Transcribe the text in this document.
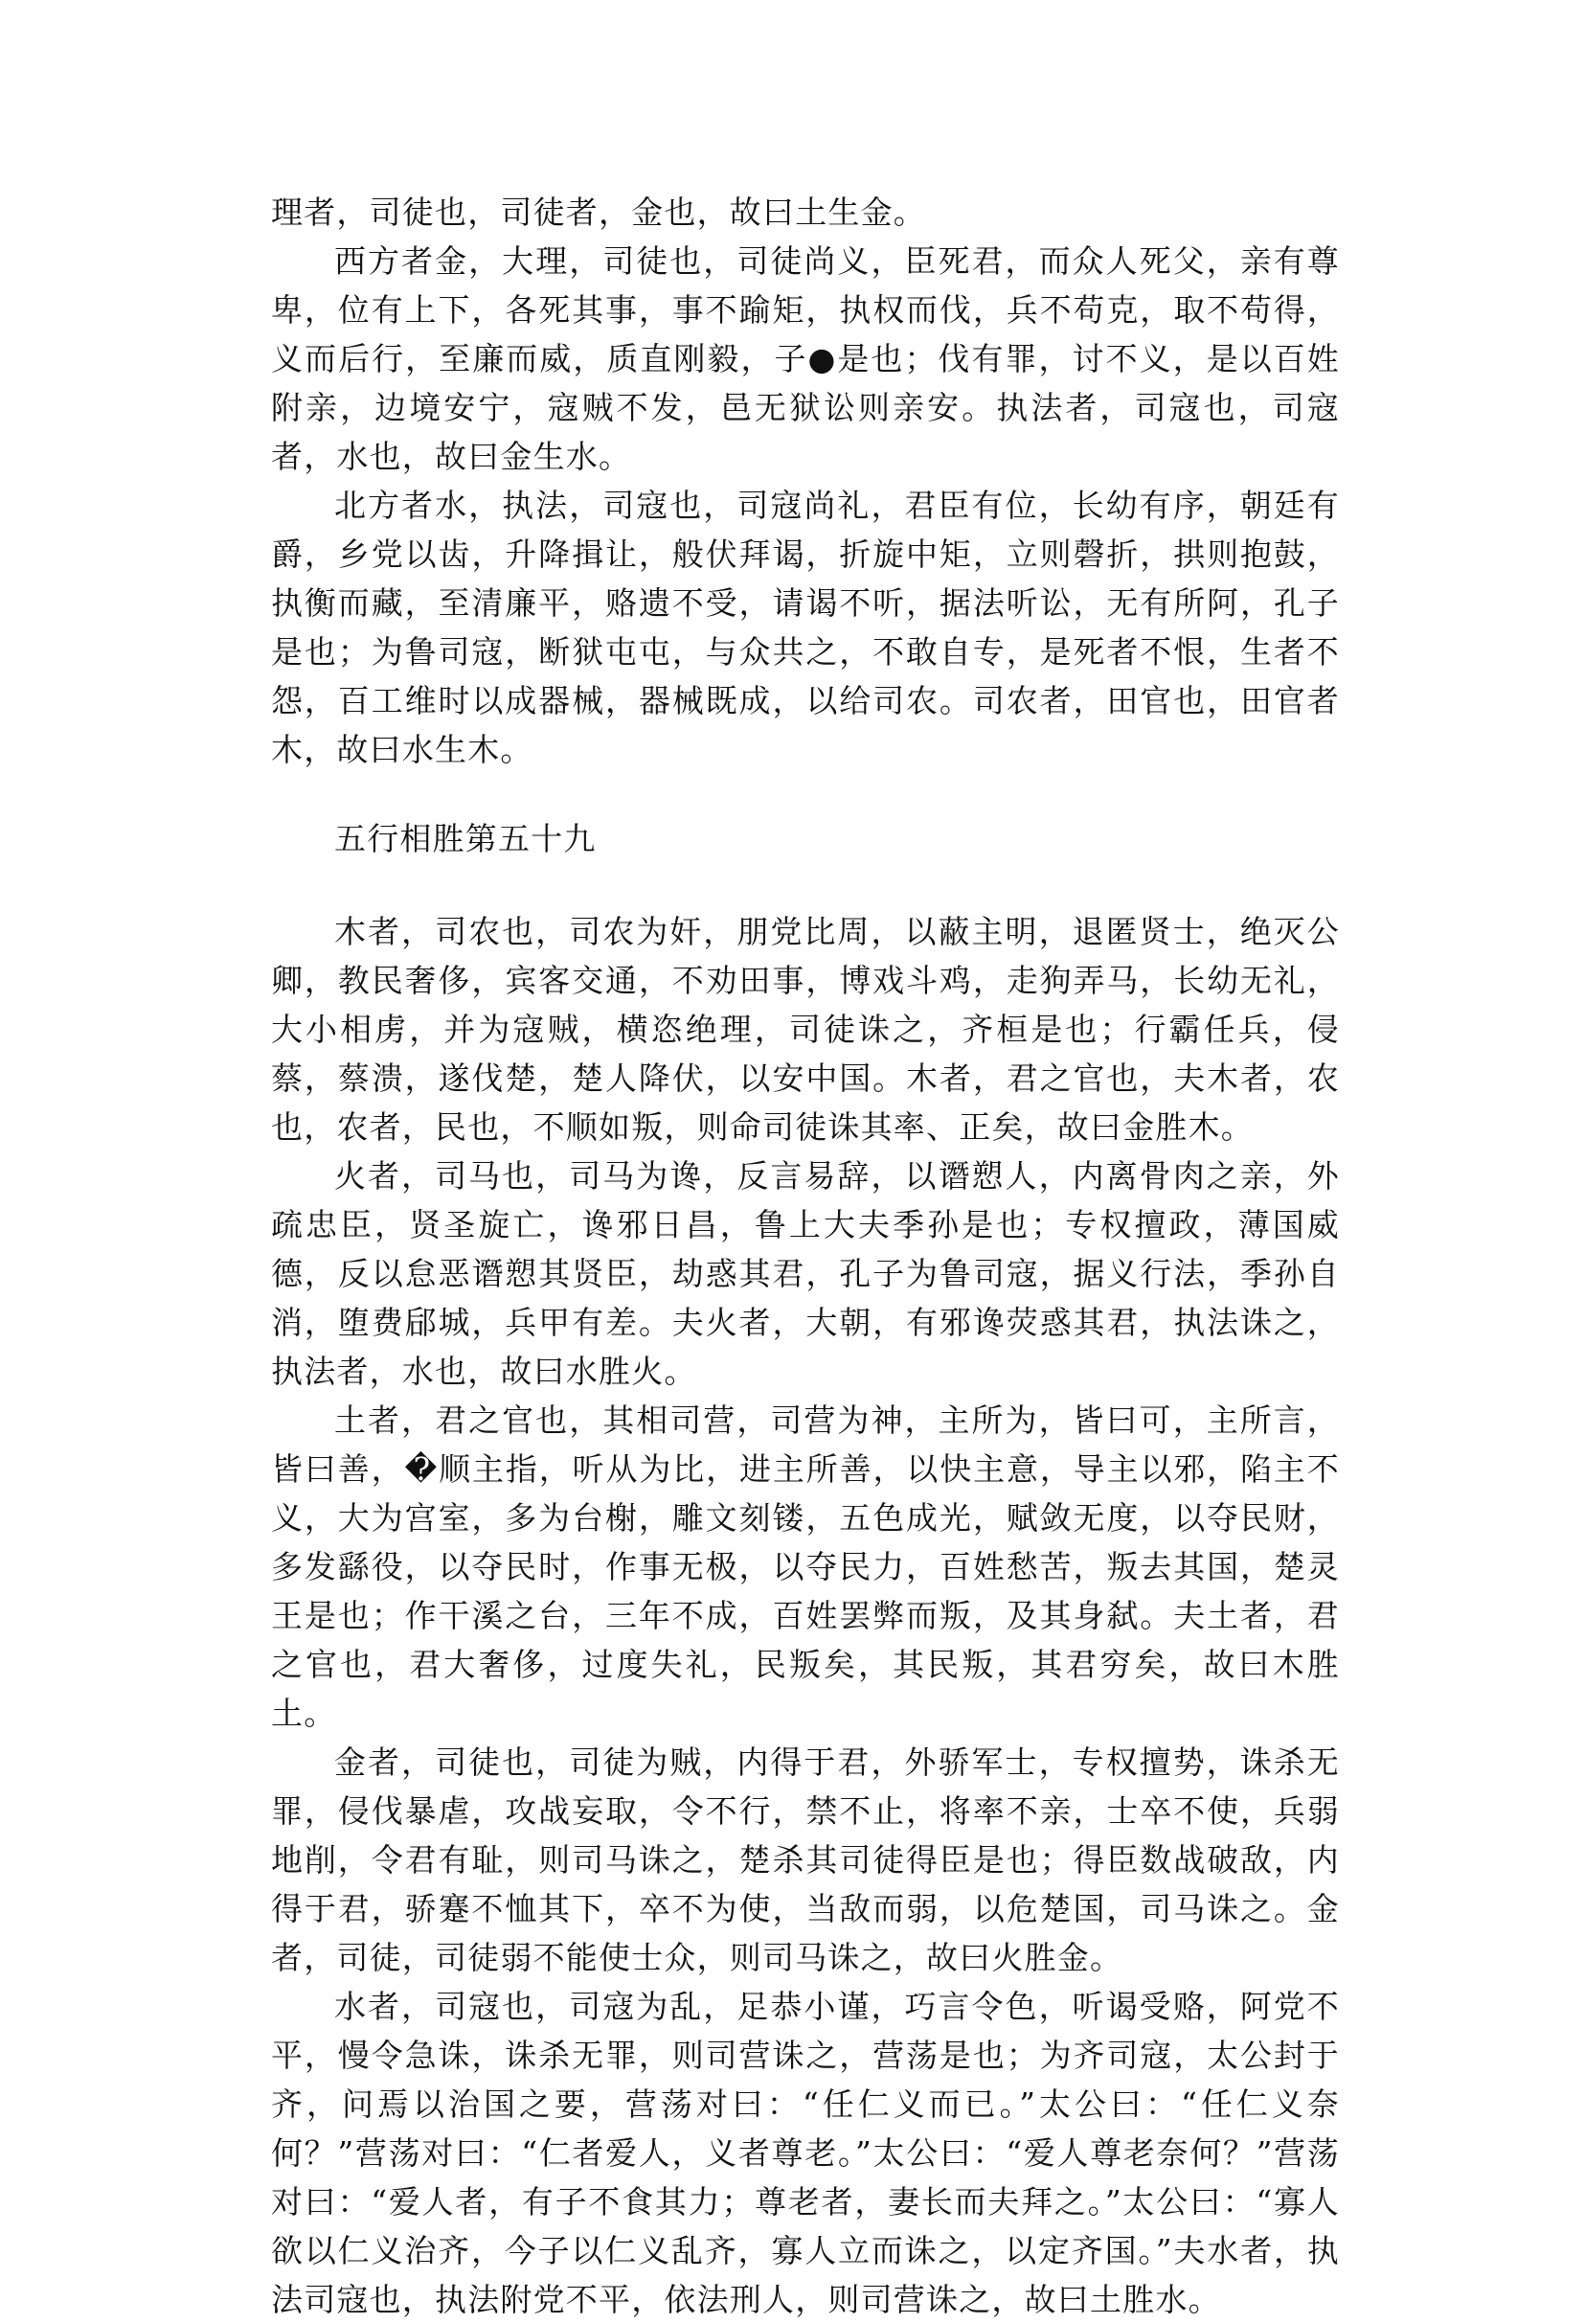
理者，司徒也，司徒者，金也，故曰土生金。

西方者金，大理，司徒也，司徒尚义，臣死君，而众人死父，亲有尊卑，位有上下，各死其事，事不踰矩，执权而伐，兵不苟克，取不苟得，义而后行，至廉而威，质直刚毅，子●是也；伐有罪，讨不义，是以百姓附亲，边境安宁，寇贼不发，邑无狱讼则亲安。执法者，司寇也，司寇者，水也，故曰金生水。

北方者水，执法，司寇也，司寇尚礼，君臣有位，长幼有序，朝廷有爵，乡党以齿，升降揖让，般伏拜谒，折旋中矩，立则磬折，拱则抱鼓，执衡而藏，至清廉平，赂遗不受，请谒不听，据法听讼，无有所阿，孔子是也；为鲁司寇，断狱屯屯，与众共之，不敢自专，是死者不恨，生者不怨，百工维时以成器械，器械既成，以给司农。司农者，田官也，田官者木，故曰水生木。

五行相胜第五十九

木者，司农也，司农为奸，朋党比周，以蔽主明，退匿贤士，绝灭公卿，教民奢侈，宾客交通，不劝田事，博戏斗鸡，走狗弄马，长幼无礼，大小相虏，并为寇贼，横恣绝理，司徒诛之，齐桓是也；行霸任兵，侵蔡，蔡溃，遂伐楚，楚人降伏，以安中国。木者，君之官也，夫木者，农也，农者，民也，不顺如叛，则命司徒诛其率、正矣，故曰金胜木。

火者，司马也，司马为谗，反言易辞，以谮愬人，内离骨肉之亲，外疏忠臣，贤圣旋亡，谗邪日昌，鲁上大夫季孙是也；专权擅政，薄国威德，反以怠恶谮愬其贤臣，劫惑其君，孔子为鲁司寇，据义行法，季孙自消，堕费郈城，兵甲有差。夫火者，大朝，有邪谗荧惑其君，执法诛之，执法者，水也，故曰水胜火。

土者，君之官也，其相司营，司营为神，主所为，皆曰可，主所言，皆曰善，�顺主指，听从为比，进主所善，以快主意，导主以邪，陷主不义，大为宫室，多为台榭，雕文刻镂，五色成光，赋敛无度，以夺民财，多发繇役，以夺民时，作事无极，以夺民力，百姓愁苦，叛去其国，楚灵王是也；作干溪之台，三年不成，百姓罢弊而叛，及其身弑。夫土者，君之官也，君大奢侈，过度失礼，民叛矣，其民叛，其君穷矣，故曰木胜土。

金者，司徒也，司徒为贼，内得于君，外骄军士，专权擅势，诛杀无罪，侵伐暴虐，攻战妄取，令不行，禁不止，将率不亲，士卒不使，兵弱地削，令君有耻，则司马诛之，楚杀其司徒得臣是也；得臣数战破敌，内得于君，骄蹇不恤其下，卒不为使，当敌而弱，以危楚国，司马诛之。金者，司徒，司徒弱不能使士众，则司马诛之，故曰火胜金。

水者，司寇也，司寇为乱，足恭小谨，巧言令色，听谒受赂，阿党不平，慢令急诛，诛杀无罪，则司营诛之，营荡是也；为齐司寇，太公封于齐，问焉以治国之要，营荡对曰：“任仁义而已。”太公曰：“任仁义奈何？”营荡对曰：“仁者爱人，义者尊老。”太公曰：“爱人尊老奈何？”营荡对曰：“爱人者，有子不食其力；尊老者，妻长而夫拜之。”太公曰：“寡人欲以仁义治齐，今子以仁义乱齐，寡人立而诛之，以定齐国。”夫水者，执法司寇也，执法附党不平，依法刑人，则司营诛之，故曰土胜水。
